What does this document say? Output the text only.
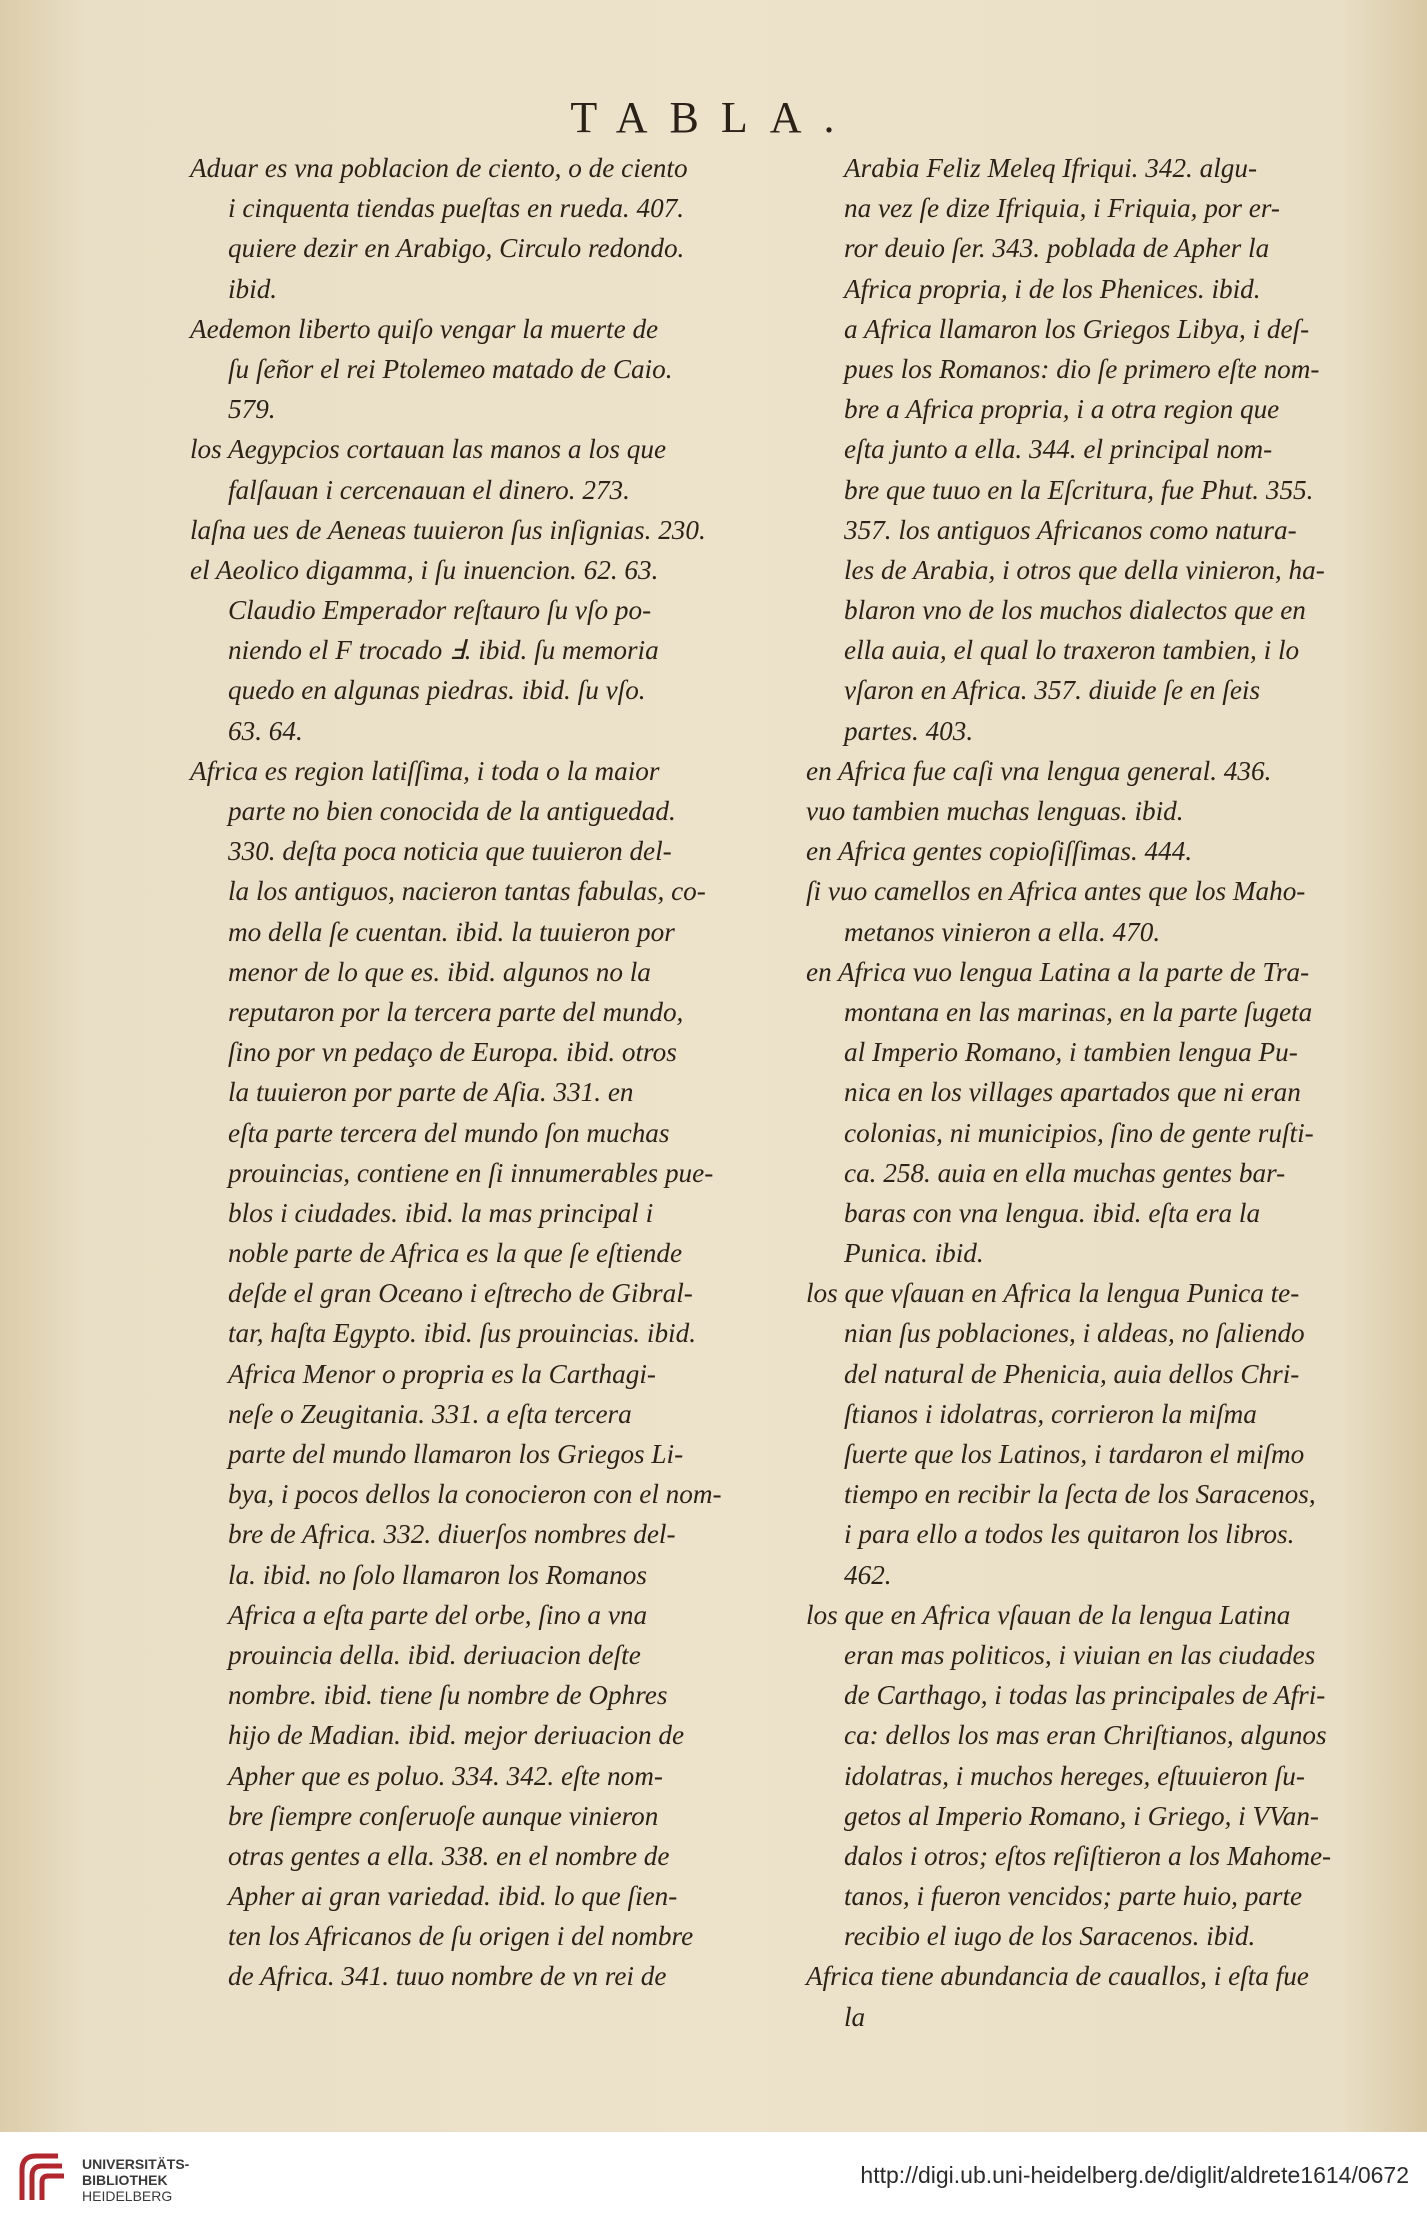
TABLA.
Aduar es vna poblacion de ciento, o de ciento
i cinquenta tiendas pueſtas en rueda. 407.
quiere dezir en Arabigo, Circulo redondo.
ibid.
Aedemon liberto quiſo vengar la muerte de
ſu ſeñor el rei Ptolemeo matado de Caio.
579.
los Aegypcios cortauan las manos a los que
falſauan i cercenauan el dinero. 273.
laſna ues de Aeneas tuuieron ſus inſignias. 230.
el Aeolico digamma, i ſu inuencion. 62. 63.
Claudio Emperador reſtauro ſu vſo po-
niendo el F trocado Ⅎ. ibid. ſu memoria
quedo en algunas piedras. ibid. ſu vſo.
63. 64.
Africa es region latiſſima, i toda o la maior
parte no bien conocida de la antiguedad.
330. deſta poca noticia que tuuieron del-
la los antiguos, nacieron tantas fabulas, co-
mo della ſe cuentan. ibid. la tuuieron por
menor de lo que es. ibid. algunos no la
reputaron por la tercera parte del mundo,
ſino por vn pedaço de Europa. ibid. otros
la tuuieron por parte de Aſia. 331. en
eſta parte tercera del mundo ſon muchas
prouincias, contiene en ſi innumerables pue-
blos i ciudades. ibid. la mas principal i
noble parte de Africa es la que ſe eſtiende
deſde el gran Oceano i eſtrecho de Gibral-
tar, haſta Egypto. ibid. ſus prouincias. ibid.
Africa Menor o propria es la Carthagi-
neſe o Zeugitania. 331. a eſta tercera
parte del mundo llamaron los Griegos Li-
bya, i pocos dellos la conocieron con el nom-
bre de Africa. 332. diuerſos nombres del-
la. ibid. no ſolo llamaron los Romanos
Africa a eſta parte del orbe, ſino a vna
prouincia della. ibid. deriuacion deſte
nombre. ibid. tiene ſu nombre de Ophres
hijo de Madian. ibid. mejor deriuacion de
Apher que es poluo. 334. 342. eſte nom-
bre ſiempre conſeruoſe aunque vinieron
otras gentes a ella. 338. en el nombre de
Apher ai gran variedad. ibid. lo que ſien-
ten los Africanos de ſu origen i del nombre
de Africa. 341. tuuo nombre de vn rei de
Arabia Feliz Meleq Ifriqui. 342. algu-
na vez ſe dize Ifriquia, i Friquia, por er-
ror deuio ſer. 343. poblada de Apher la
Africa propria, i de los Phenices. ibid.
a Africa llamaron los Griegos Libya, i deſ-
pues los Romanos: dio ſe primero eſte nom-
bre a Africa propria, i a otra region que
eſta junto a ella. 344. el principal nom-
bre que tuuo en la Eſcritura, fue Phut. 355.
357. los antiguos Africanos como natura-
les de Arabia, i otros que della vinieron, ha-
blaron vno de los muchos dialectos que en
ella auia, el qual lo traxeron tambien, i lo
vſaron en Africa. 357. diuide ſe en ſeis
partes. 403.
en Africa fue caſi vna lengua general. 436.
vuo tambien muchas lenguas. ibid.
en Africa gentes copioſiſſimas. 444.
ſi vuo camellos en Africa antes que los Maho-
metanos vinieron a ella. 470.
en Africa vuo lengua Latina a la parte de Tra-
montana en las marinas, en la parte ſugeta
al Imperio Romano, i tambien lengua Pu-
nica en los villages apartados que ni eran
colonias, ni municipios, ſino de gente ruſti-
ca. 258. auia en ella muchas gentes bar-
baras con vna lengua. ibid. eſta era la
Punica. ibid.
los que vſauan en Africa la lengua Punica te-
nian ſus poblaciones, i aldeas, no ſaliendo
del natural de Phenicia, auia dellos Chri-
ſtianos i idolatras, corrieron la miſma
ſuerte que los Latinos, i tardaron el miſmo
tiempo en recibir la ſecta de los Saracenos,
i para ello a todos les quitaron los libros.
462.
los que en Africa vſauan de la lengua Latina
eran mas politicos, i viuian en las ciudades
de Carthago, i todas las principales de Afri-
ca: dellos los mas eran Chriſtianos, algunos
idolatras, i muchos hereges, eſtuuieron ſu-
getos al Imperio Romano, i Griego, i VVan-
dalos i otros; eſtos reſiſtieron a los Mahome-
tanos, i fueron vencidos; parte huio, parte
recibio el iugo de los Saracenos. ibid.
Africa tiene abundancia de cauallos, i eſta fue
la
UNIVERSITÄTS-
BIBLIOTHEK
HEIDELBERG
http://digi.ub.uni-heidelberg.de/diglit/aldrete1614/0672
